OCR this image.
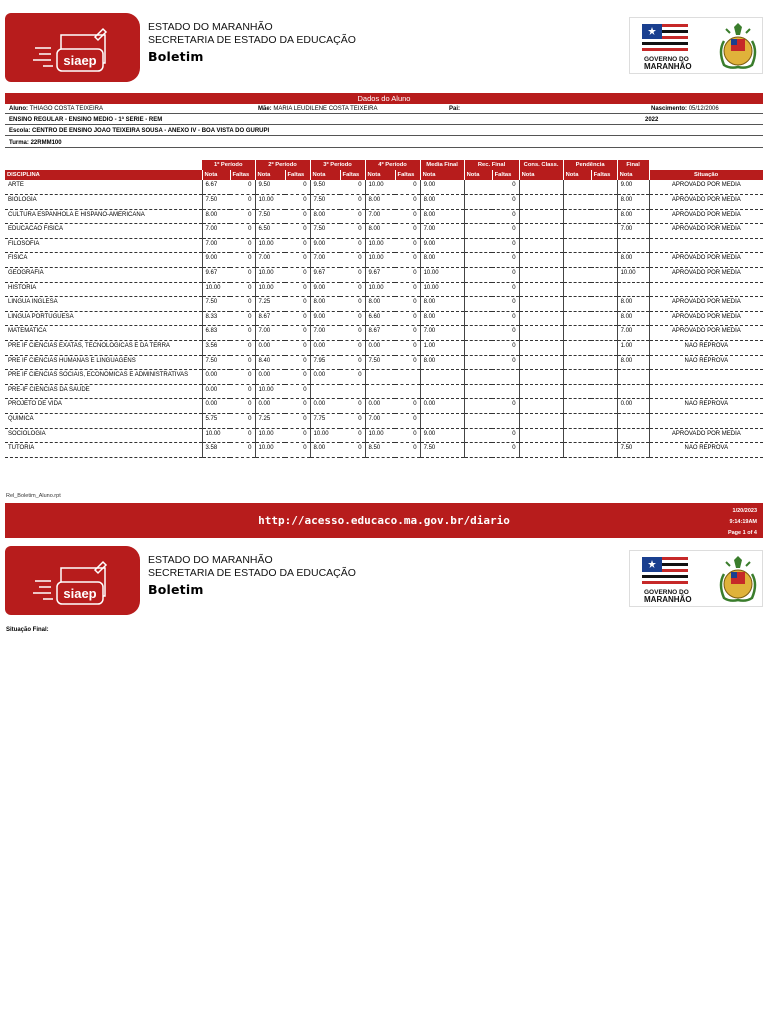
siaep
ESTADO DO MARANHÃO
SECRETARIA DE ESTADO DA EDUCAÇÃO
Boletim	GOVERNO DO
MARANHÃO
Dados do Aluno
Aluno: THIAGO COSTA TEIXEIRA	Mãe: MARIA LEUDILENE COSTA TEIXEIRA	Pai:	Nascimento: 05/12/2006
ENSINO REGULAR - ENSINO MEDIO - 1ª SERIE - REM	2022
Escola: CENTRO DE ENSINO JOAO TEIXEIRA SOUSA - ANEXO IV - BOA VISTA DO GURUPI
Turma: 22RMM100
	1º Período		2º Período		3º Período		4º Período		Media Final	Rec. Final		Cons. Class.	Pendência		Final	
DISCIPLINA	Nota	Faltas	Nota	Faltas	Nota	Faltas	Nota	Faltas	Nota	Nota	Faltas	Nota	Nota	Faltas	Nota	Situação
ARTE	6.67	0	9.50	0	9.50	0	10.00	0	9.00		0				9.00	APROVADO POR MEDIA
BIOLOGIA	7.50	0	10.00	0	7.50	0	8.00	0	8.00		0				8.00	APROVADO POR MEDIA
CULTURA ESPANHOLA E HISPANO-AMERICANA	8.00	0	7.50	0	8.00	0	7.00	0	8.00		0				8.00	APROVADO POR MEDIA
EDUCACAO FISICA	7.00	0	6.50	0	7.50	0	8.00	0	7.00		0				7.00	APROVADO POR MEDIA
FILOSOFIA	7.00	0	10.00	0	9.00	0	10.00	0	9.00		0					
FISICA	9.00	0	7.00	0	7.00	0	10.00	0	8.00		0				8.00	APROVADO POR MEDIA
GEOGRAFIA	9.67	0	10.00	0	9.67	0	9.67	0	10.00		0				10.00	APROVADO POR MEDIA
HISTORIA	10.00	0	10.00	0	9.00	0	10.00	0	10.00		0					
LINGUA INGLESA	7.50	0	7.25	0	8.00	0	8.00	0	8.00		0				8.00	APROVADO POR MEDIA
LINGUA PORTUGUESA	8.33	0	8.67	0	9.00	0	6.60	0	8.00		0				8.00	APROVADO POR MEDIA
MATEMATICA	6.83	0	7.00	0	7.00	0	8.67	0	7.00		0				7.00	APROVADO POR MEDIA
PRE IF CIENCIAS EXATAS, TECNOLOGICAS E DA TERRA	3.56	0	0.00	0	0.00	0	0.00	0	1.00		0				1.00	NAO REPROVA
PRE IF CIENCIAS HUMANAS E LINGUAGENS	7.50	0	8.40	0	7.95	0	7.50	0	8.00		0				8.00	NAO REPROVA
PRE IF CIENCIAS SOCIAIS, ECONOMICAS E ADMINISTRATIVAS	0.00	0	0.00	0	0.00	0										
PRE-IF CIENCIAS DA SAUDE	0.00	0	10.00	0												
PROJETO DE VIDA	0.00	0	0.00	0	0.00	0	0.00	0	0.00		0				0.00	NAO REPROVA
QUIMICA	5.75	0	7.25	0	7.75	0	7.00	0								
SOCIOLOGIA	10.00	0	10.00	0	10.00	0	10.00	0	9.00		0					APROVADO POR MEDIA
TUTORIA	3.58	0	10.00	0	8.00	0	8.50	0	7.50		0				7.50	NAO REPROVA
Rel_Boletim_Aluno.rpt
http://acesso.educaco.ma.gov.br/diario
1/20/2023
9:14:19AM
Page 1 of 4
siaep
ESTADO DO MARANHÃO
SECRETARIA DE ESTADO DA EDUCAÇÃO
Boletim	GOVERNO DO
MARANHÃO
Situação Final:
